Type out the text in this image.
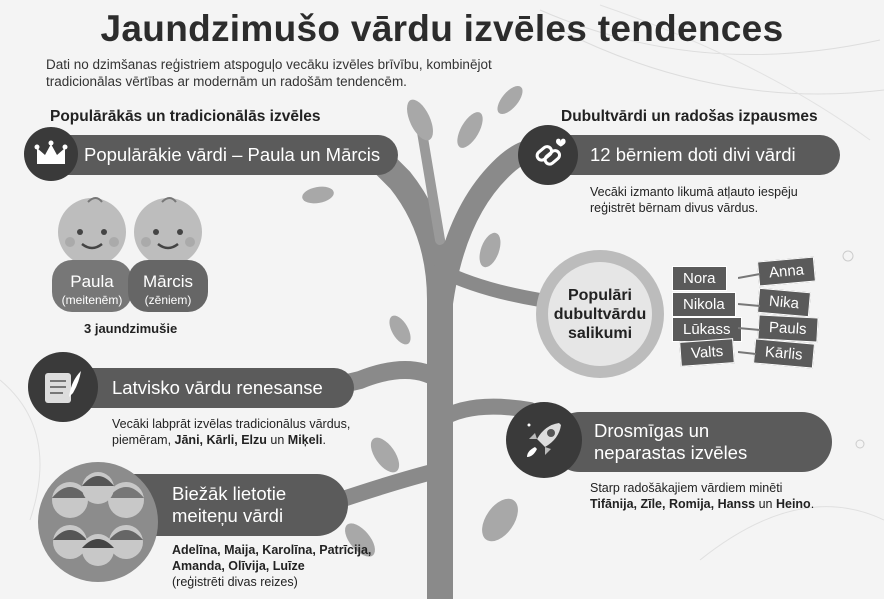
Jaundzimušo vārdu izvēles tendences
Dati no dzimšanas reģistriem atspoguļo vecāku izvēles brīvību, kombinējot tradicionālas vērtības ar modernām un radošām tendencēm.
Populārākās un tradicionālās izvēles	Dubultvārdi un radošas izpausmes
Populārākie vārdi – Paula un Mārcis
Paula
(meitenēm)
Mārcis
(zēniem)
3 jaundzimušie
Latvisko vārdu renesanse
Vecāki labprāt izvēlas tradicionālus vārdus, piemēram, Jāni, Kārli, Elzu un Miķeli.
Biežāk lietotie
meiteņu vārdi
Adelīna, Maija, Karolīna, Patrīcija,
Amanda, Olīvija, Luīze
(reģistrēti divas reizes)
12 bērniem doti divi vārdi
Vecāki izmanto likumā atļauto iespēju reģistrēt bērnam divus vārdus.
Populāri dubultvārdu salikumi
Nora	Anna
Nikola	Nika
Lūkass	Pauls
Valts	Kārlis
Drosmīgas un
neparastas izvēles
Starp radošākajiem vārdiem minēti Tifānija, Zīle, Romija, Hanss un Heino.
